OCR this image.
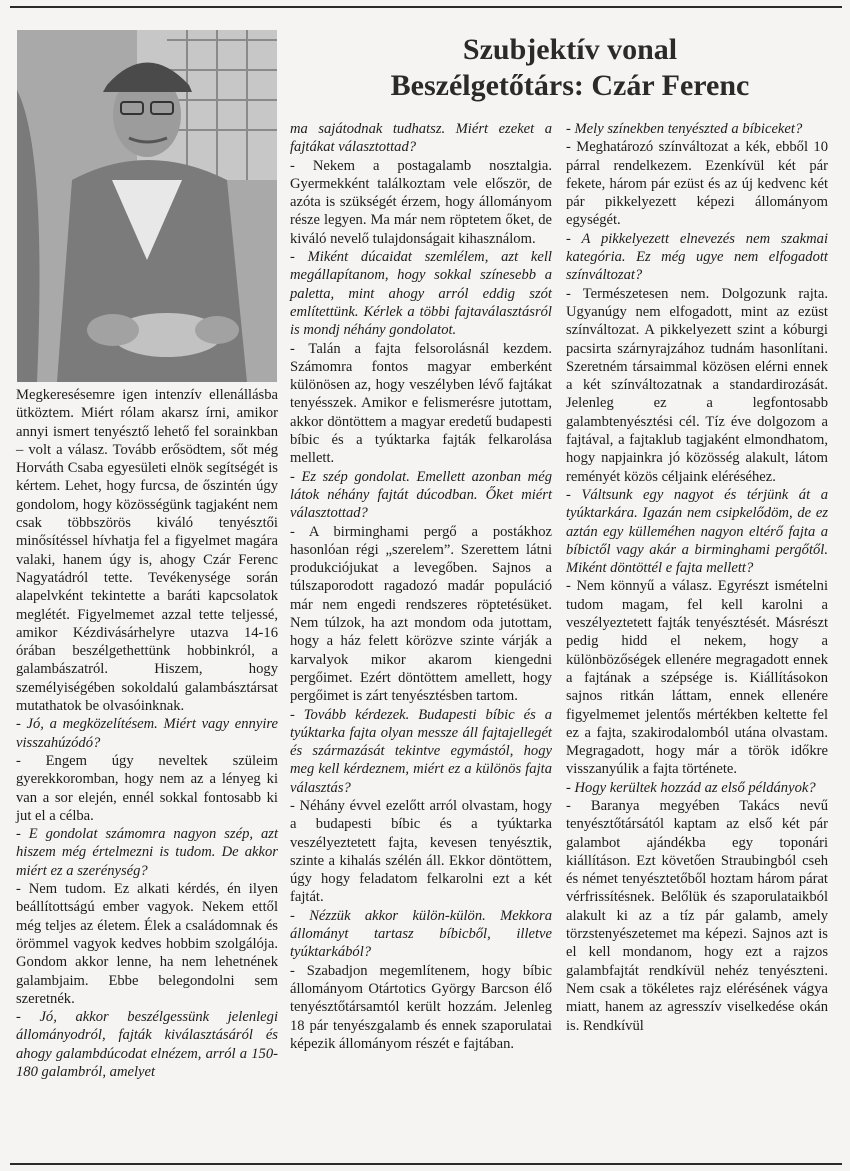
Szubjektív vonal
Beszélgetőtárs: Czár Ferenc

Megkeresésemre igen intenzív ellenállásba ütköztem. Miért rólam akarsz írni, amikor annyi ismert tenyésztő lehető fel sorainkban – volt a válasz. Tovább erősödtem, sőt még Horváth Csaba egyesületi elnök segítségét is kértem. Lehet, hogy furcsa, de őszintén úgy gondolom, hogy közösségünk tagjaként nem csak többszörös kiváló tenyésztői minősítéssel hívhatja fel a figyelmet magára valaki, hanem úgy is, ahogy Czár Ferenc Nagyatádról tette. Tevékenysége során alapelvként tekintette a baráti kapcsolatok meglétét. Figyelmemet azzal tette teljessé, amikor Kézdivásárhelyre utazva 14-16 órában beszélgethettünk hobbinkról, a galambászatról. Hiszem, hogy személyiségében sokoldalú galambásztársat mutathatok be olvasóinknak.

- Jó, a megközelítésem. Miért vagy ennyire visszahúzódó?

- Engem úgy neveltek szüleim gyerekkoromban, hogy nem az a lényeg ki van a sor elején, ennél sokkal fontosabb ki jut el a célba.

- E gondolat számomra nagyon szép, azt hiszem még értelmezni is tudom. De akkor miért ez a szerénység?

- Nem tudom. Ez alkati kérdés, én ilyen beállítottságú ember vagyok. Nekem ettől még teljes az életem. Élek a családomnak és örömmel vagyok kedves hobbim szolgálója. Gondom akkor lenne, ha nem lehetnének galambjaim. Ebbe belegondolni sem szeretnék.

- Jó, akkor beszélgessünk jelenlegi állományodról, fajták kiválasztásáról és ahogy galambdúcodat elnézem, arról a 150-180 galambról, amelyet

ma sajátodnak tudhatsz. Miért ezeket a fajtákat választottad?

- Nekem a postagalamb nosztalgia. Gyermekként találkoztam vele először, de azóta is szükségét érzem, hogy állományom része legyen. Ma már nem röptetem őket, de kiváló nevelő tulajdonságait kihasználom.

- Miként dúcaidat szemlélem, azt kell megállapítanom, hogy sokkal színesebb a paletta, mint ahogy arról eddig szót említettünk. Kérlek a többi fajtaválasztásról is mondj néhány gondolatot.

- Talán a fajta felsorolásnál kezdem. Számomra fontos magyar emberként különösen az, hogy veszélyben lévő fajtákat tenyésszek. Amikor e felismerésre jutottam, akkor döntöttem a magyar eredetű budapesti bíbic és a tyúktarka fajták felkarolása mellett.

- Ez szép gondolat. Emellett azonban még látok néhány fajtát dúcodban. Őket miért választottad?

- A birminghami pergő a postákhoz hasonlóan régi „szerelem”. Szerettem látni produkciójukat a levegőben. Sajnos a túlszaporodott ragadozó madár populáció már nem engedi rendszeres röptetésüket. Nem túlzok, ha azt mondom oda jutottam, hogy a ház felett körözve szinte várják a karvalyok mikor akarom kiengedni pergőimet. Ezért döntöttem amellett, hogy pergőimet is zárt tenyésztésben tartom.

- Tovább kérdezek. Budapesti bíbic és a tyúktarka fajta olyan messze áll fajtajellegét és származását tekintve egymástól, hogy meg kell kérdeznem, miért ez a különös fajta választás?

- Néhány évvel ezelőtt arról olvastam, hogy a budapesti bíbic és a tyúktarka veszélyeztetett fajta, kevesen tenyésztik, szinte a kihalás szélén áll. Ekkor döntöttem, úgy hogy feladatom felkarolni ezt a két fajtát.

- Nézzük akkor külön-külön. Mekkora állományt tartasz bíbicből, illetve tyúktarkából?

- Szabadjon megemlítenem, hogy bíbic állományom Otártotics György Barcson élő tenyésztőtársamtól került hozzám. Jelenleg 18 pár tenyészgalamb és ennek szaporulatai képezik állományom részét e fajtában.

- Mely színekben tenyészted a bíbiceket?

- Meghatározó színváltozat a kék, ebből 10 párral rendelkezem. Ezenkívül két pár fekete, három pár ezüst és az új kedvenc két pár pikkelyezett képezi állományom egységét.

- A pikkelyezett elnevezés nem szakmai kategória. Ez még ugye nem elfogadott színváltozat?

- Természetesen nem. Dolgozunk rajta. Ugyanúgy nem elfogadott, mint az ezüst színváltozat. A pikkelyezett szint a kóburgi pacsirta szárnyrajzához tudnám hasonlítani. Szeretném társaimmal közösen elérni ennek a két színváltozatnak a standardirozását. Jelenleg ez a legfontosabb galambtenyésztési cél. Tíz éve dolgozom a fajtával, a fajtaklub tagjaként elmondhatom, hogy napjainkra jó közösség alakult, látom reményét közös céljaink eléréséhez.

- Váltsunk egy nagyot és térjünk át a tyúktarkára. Igazán nem csipkelődöm, de ez aztán egy külleméhen nagyon eltérő fajta a bíbictől vagy akár a birminghami pergőtől. Miként döntöttél e fajta mellett?

- Nem könnyű a válasz. Egyrészt ismételni tudom magam, fel kell karolni a veszélyeztetett fajták tenyésztését. Másrészt pedig hidd el nekem, hogy a különbözőségek ellenére megragadott ennek a fajtának a szépsége is. Kiállításokon sajnos ritkán láttam, ennek ellenére figyelmemet jelentős mértékben keltette fel ez a fajta, szakirodalomból utána olvastam. Megragadott, hogy már a török időkre visszanyúlik a fajta története.

- Hogy kerültek hozzád az első példányok?

- Baranya megyében Takács nevű tenyésztőtársától kaptam az első két pár galambot ajándékba egy toponári kiállításon. Ezt követően Straubingból cseh és német tenyésztetőből hoztam három párat vérfrissítésnek. Belőlük és szaporulataikból alakult ki az a tíz pár galamb, amely törzstenyészetemet ma képezi. Sajnos azt is el kell mondanom, hogy ezt a rajzos galambfajtát rendkívül nehéz tenyészteni. Nem csak a tökéletes rajz elérésének vágya miatt, hanem az agresszív viselkedése okán is. Rendkívül
